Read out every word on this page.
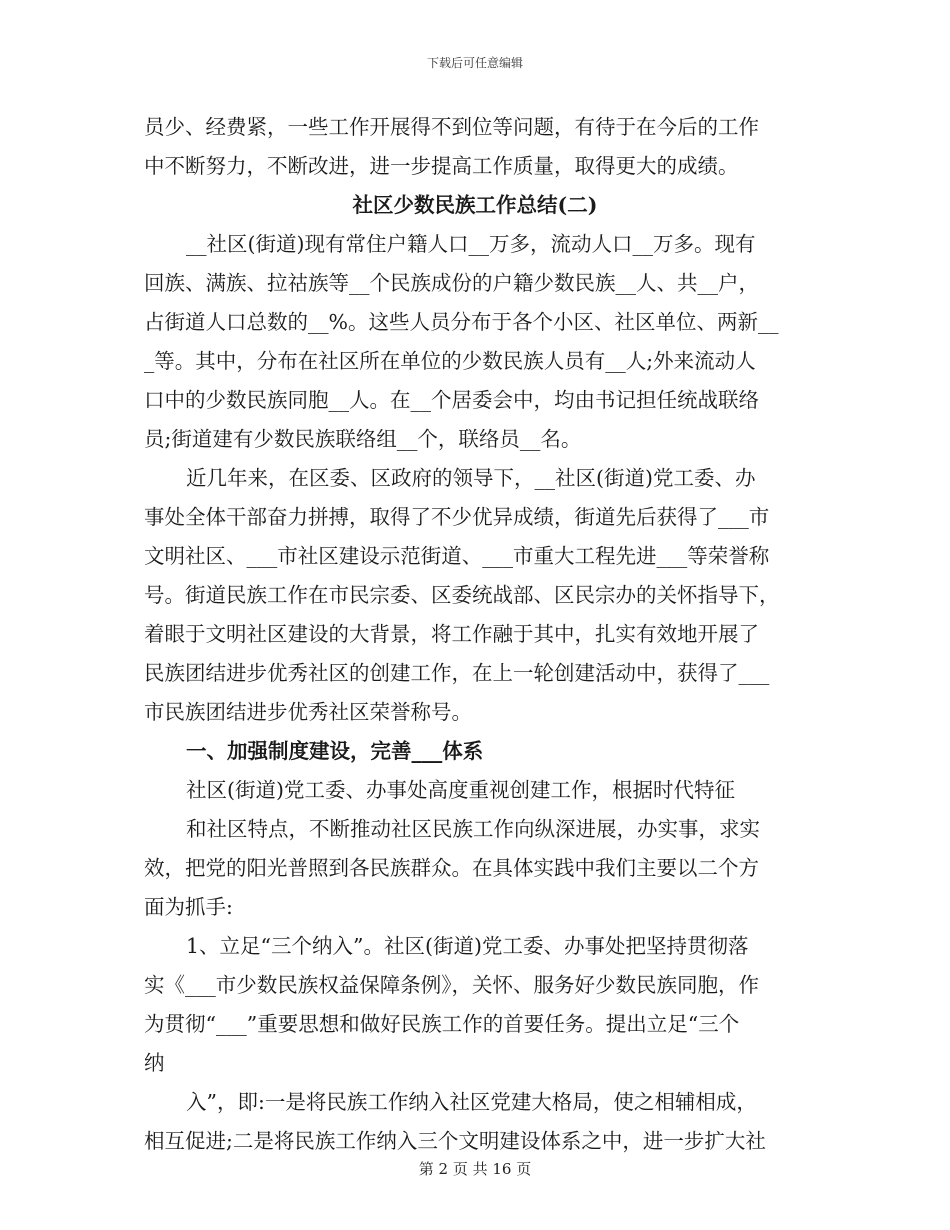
下载后可任意编辑
员少、经费紧，一些工作开展得不到位等问题，有待于在今后的工作
中不断努力，不断改进，进一步提高工作质量，取得更大的成绩。
社区少数民族工作总结(二)
__社区(街道)现有常住户籍人口__万多，流动人口__万多。现有
回族、满族、拉祜族等__个民族成份的户籍少数民族__人、共__户，
占街道人口总数的__%。这些人员分布于各个小区、社区单位、两新__
_等。其中，分布在社区所在单位的少数民族人员有__人;外来流动人
口中的少数民族同胞__人。在__个居委会中，均由书记担任统战联络
员;街道建有少数民族联络组__个，联络员__名。
近几年来，在区委、区政府的领导下，__社区(街道)党工委、办
事处全体干部奋力拼搏，取得了不少优异成绩，街道先后获得了___市
文明社区、___市社区建设示范街道、___市重大工程先进___等荣誉称
号。街道民族工作在市民宗委、区委统战部、区民宗办的关怀指导下，
着眼于文明社区建设的大背景，将工作融于其中，扎实有效地开展了
民族团结进步优秀社区的创建工作，在上一轮创建活动中，获得了___
市民族团结进步优秀社区荣誉称号。
一、加强制度建设，完善___体系
社区(街道)党工委、办事处高度重视创建工作，根据时代特征
和社区特点，不断推动社区民族工作向纵深进展，办实事，求实
效，把党的阳光普照到各民族群众。在具体实践中我们主要以二个方
面为抓手:
1、立足“三个纳入”。社区(街道)党工委、办事处把坚持贯彻落
实《___市少数民族权益保障条例》，关怀、服务好少数民族同胞，作
为贯彻“___”重要思想和做好民族工作的首要任务。提出立足“三个
纳
入”，即:一是将民族工作纳入社区党建大格局，使之相辅相成，
相互促进;二是将民族工作纳入三个文明建设体系之中，进一步扩大社
第 2 页 共 16 页
